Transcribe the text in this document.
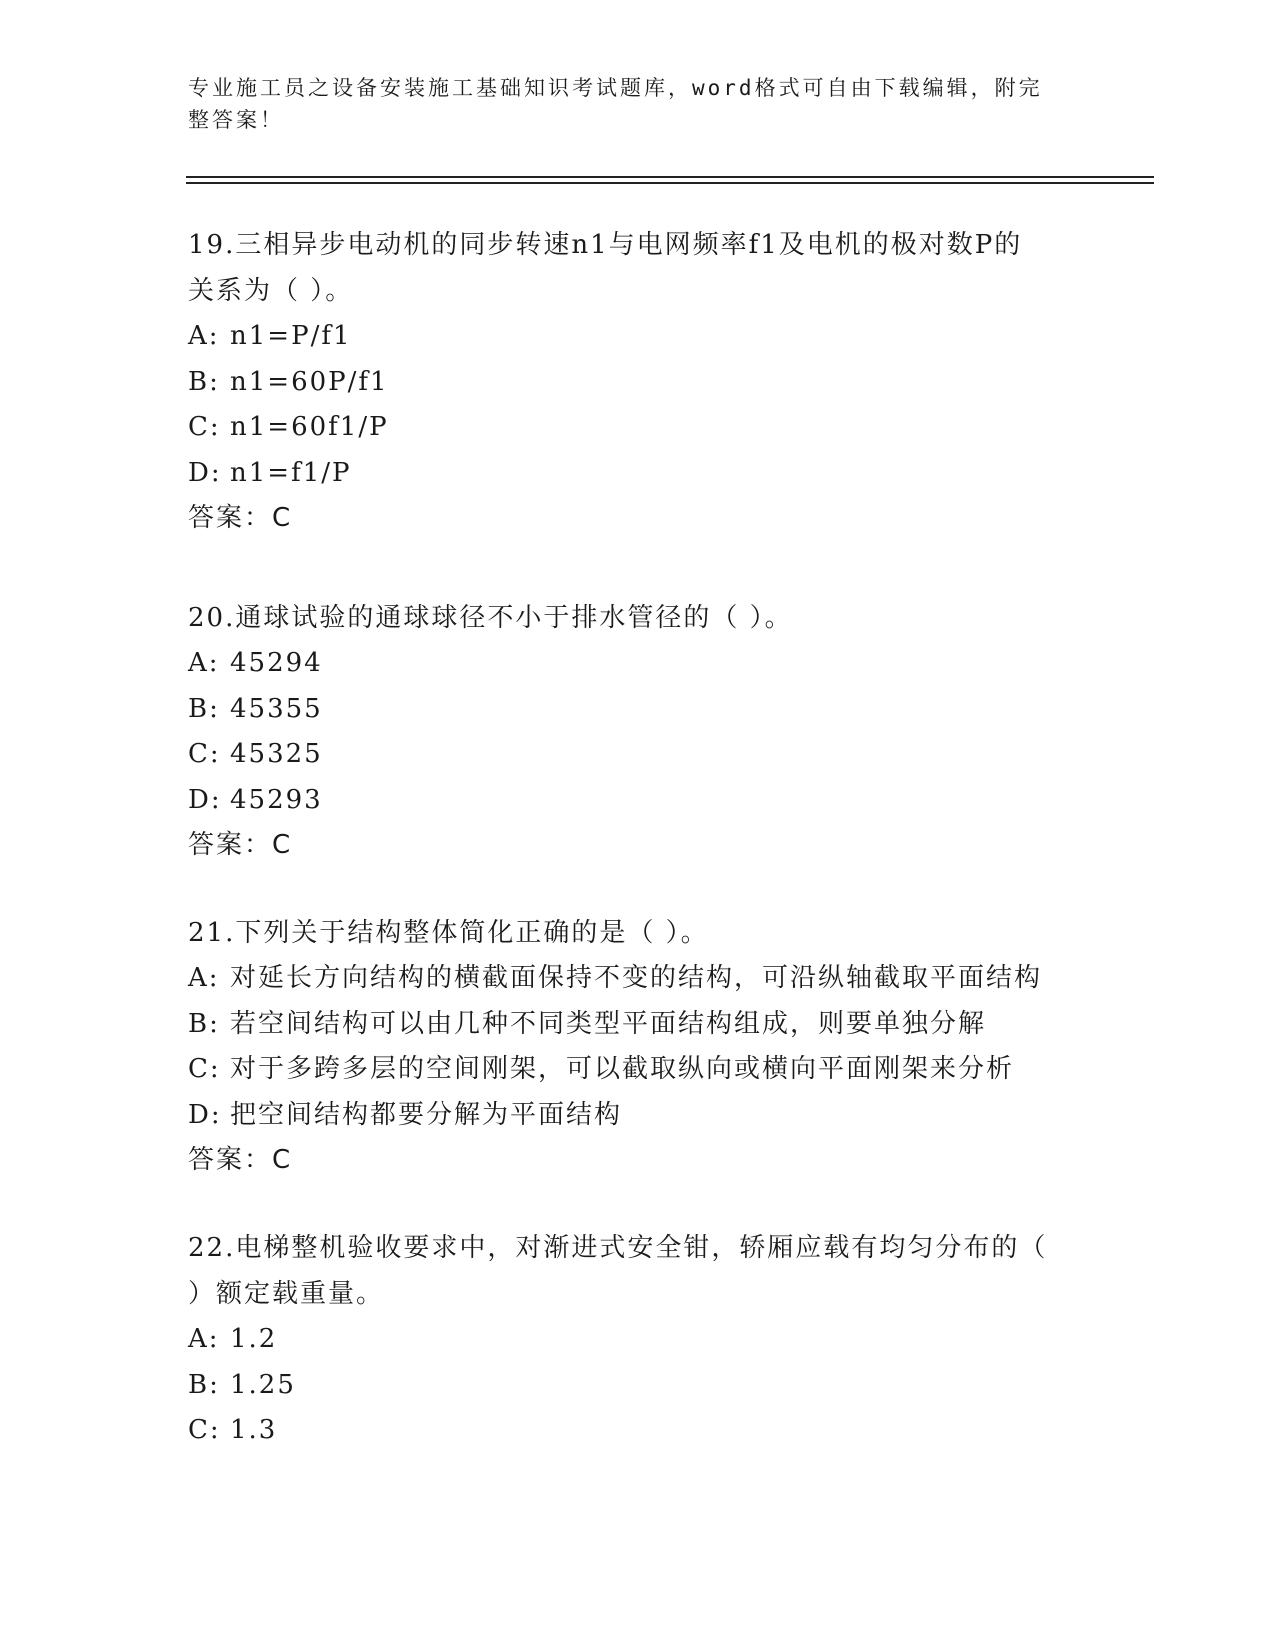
专业施工员之设备安装施工基础知识考试题库，word格式可自由下载编辑，附完
整答案！

19.三相异步电动机的同步转速n1与电网频率f1及电机的极对数P的
关系为（ ）。

A: n1=P/f1

B: n1=60P/f1

C: n1=60f1/P

D: n1=f1/P

答案：C

20.通球试验的通球球径不小于排水管径的（ ）。

A: 45294

B: 45355

C: 45325

D: 45293

答案：C

21.下列关于结构整体简化正确的是（ ）。

A: 对延长方向结构的横截面保持不变的结构，可沿纵轴截取平面结构

B: 若空间结构可以由几种不同类型平面结构组成，则要单独分解

C: 对于多跨多层的空间刚架，可以截取纵向或横向平面刚架来分析

D: 把空间结构都要分解为平面结构

答案：C

22.电梯整机验收要求中，对渐进式安全钳，轿厢应载有均匀分布的（
）额定载重量。

A: 1.2

B: 1.25

C: 1.3
